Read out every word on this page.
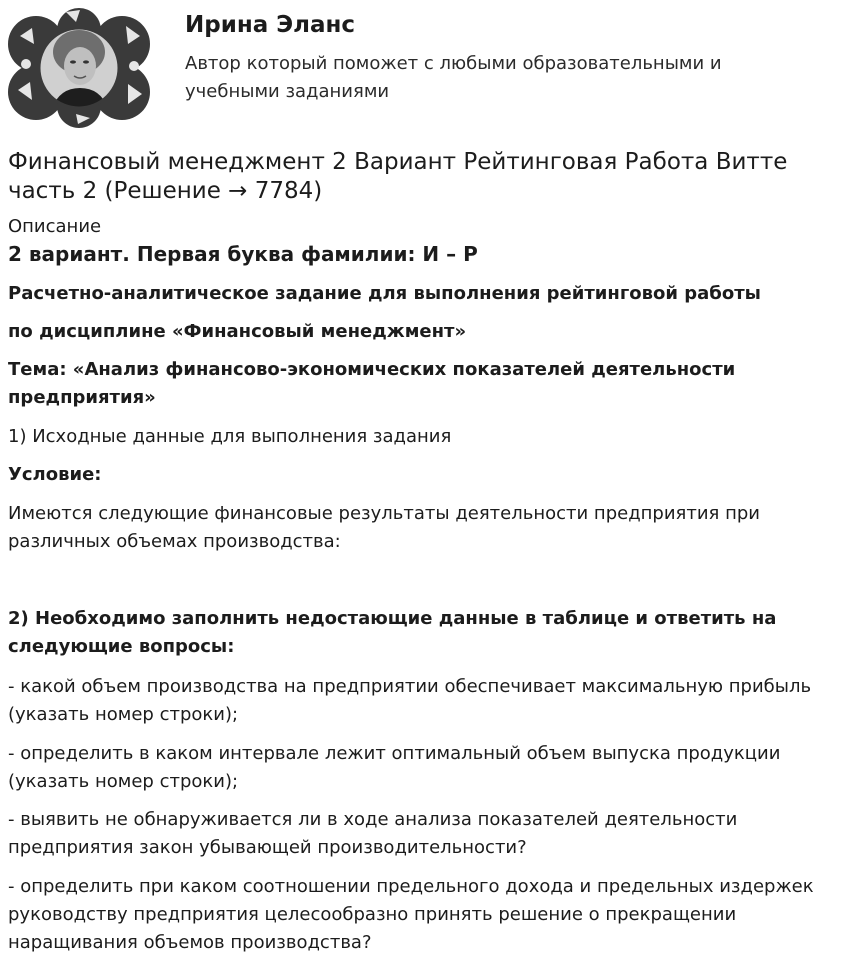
Ирина Эланс
Автор который поможет с любыми образовательными и учебными заданиями
Финансовый менеджмент 2 Вариант Рейтинговая Работа Витте часть 2 (Решение → 7784)
Описание
2 вариант. Первая буква фамилии: И – Р
Расчетно-аналитическое задание для выполнения рейтинговой работы
по дисциплине «Финансовый менеджмент»
Тема: «Анализ финансово-экономических показателей деятельности предприятия»
1) Исходные данные для выполнения задания
Условие:
Имеются следующие финансовые результаты деятельности предприятия при различных объемах производства:
2) Необходимо заполнить недостающие данные в таблице и ответить на следующие вопросы:
- какой объем производства на предприятии обеспечивает максимальную прибыль (указать номер строки);
- определить в каком интервале лежит оптимальный объем выпуска продукции (указать номер строки);
- выявить не обнаруживается ли в ходе анализа показателей деятельности предприятия закон убывающей производительности?
- определить при каком соотношении предельного дохода и предельных издержек руководству предприятия целесообразно принять решение о прекращении наращивания объемов производства?
